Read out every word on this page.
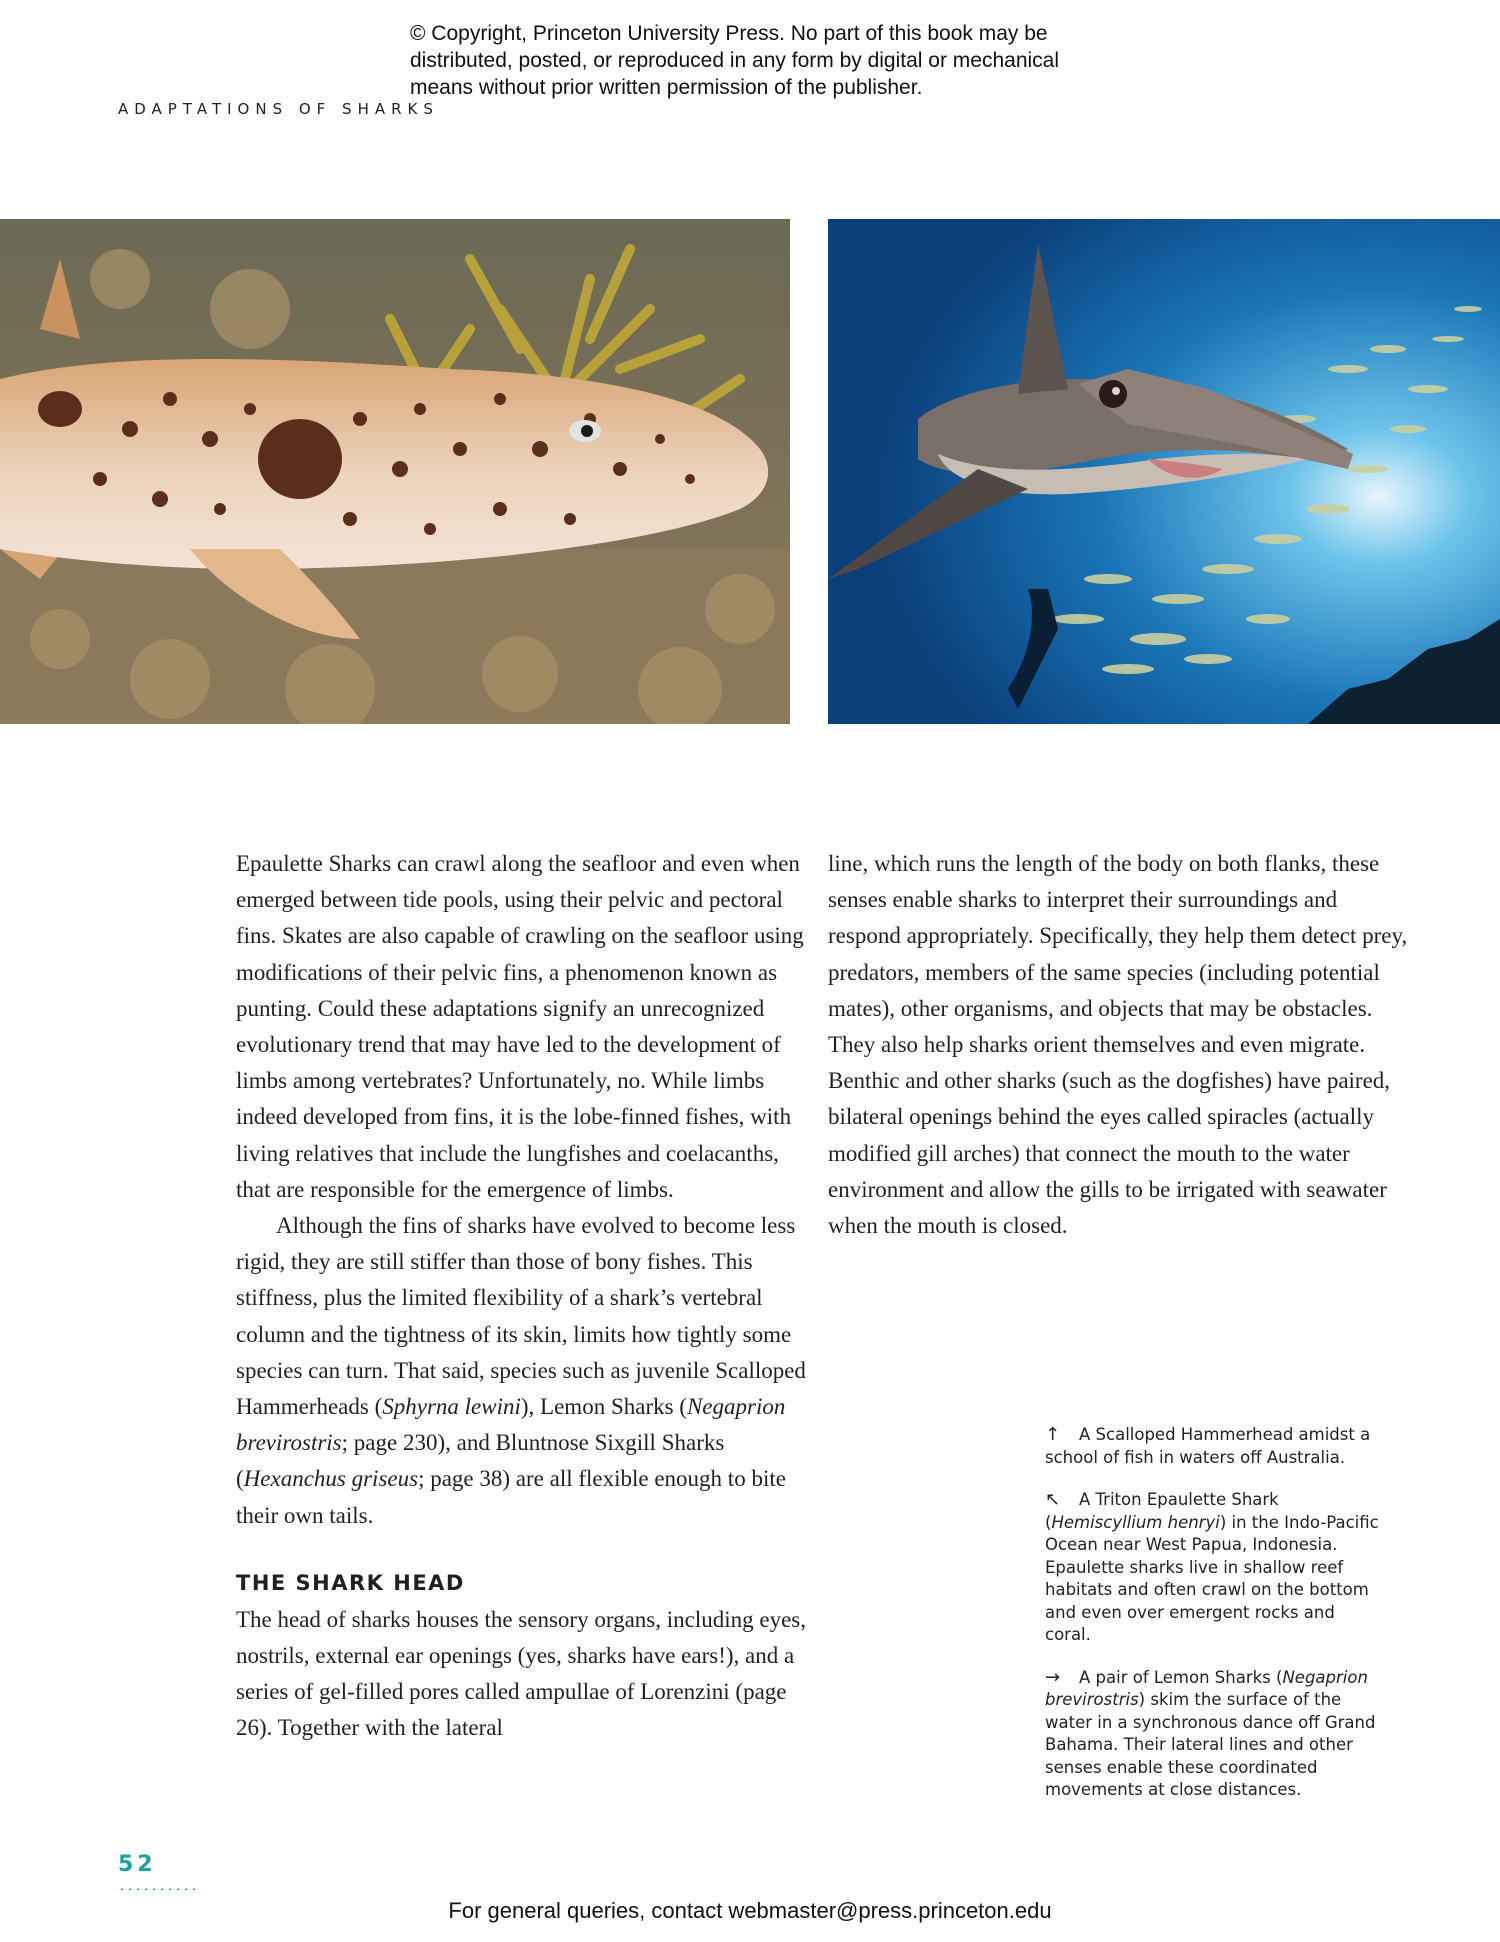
© Copyright, Princeton University Press. No part of this book may be distributed, posted, or reproduced in any form by digital or mechanical means without prior written permission of the publisher.
ADAPTATIONS OF SHARKS

Epaulette Sharks can crawl along the seafloor and even when emerged between tide pools, using their pelvic and pectoral fins. Skates are also capable of crawling on the seafloor using modifications of their pelvic fins, a phenomenon known as punting. Could these adaptations signify an unrecognized evolutionary trend that may have led to the development of limbs among vertebrates? Unfortunately, no. While limbs indeed developed from fins, it is the lobe-finned fishes, with living relatives that include the lungfishes and coelacanths, that are responsible for the emergence of limbs.

Although the fins of sharks have evolved to become less rigid, they are still stiffer than those of bony fishes. This stiffness, plus the limited flexibility of a shark’s vertebral column and the tightness of its skin, limits how tightly some species can turn. That said, species such as juvenile Scalloped Hammerheads (Sphyrna lewini), Lemon Sharks (Negaprion brevirostris; page 230), and Bluntnose Sixgill Sharks (Hexanchus griseus; page 38) are all flexible enough to bite their own tails.

THE SHARK HEAD

The head of sharks houses the sensory organs, including eyes, nostrils, external ear openings (yes, sharks have ears!), and a series of gel-filled pores called ampullae of Lorenzini (page 26). Together with the lateral

line, which runs the length of the body on both flanks, these senses enable sharks to interpret their surroundings and respond appropriately. Specifically, they help them detect prey, predators, members of the same species (including potential mates), other organisms, and objects that may be obstacles. They also help sharks orient themselves and even migrate. Benthic and other sharks (such as the dogfishes) have paired, bilateral openings behind the eyes called spiracles (actually modified gill arches) that connect the mouth to the water environment and allow the gills to be irrigated with seawater when the mouth is closed.

↑ A Scalloped Hammerhead amidst a school of fish in waters off Australia.

↖ A Triton Epaulette Shark (Hemiscyllium henryi) in the Indo-Pacific Ocean near West Papua, Indonesia. Epaulette sharks live in shallow reef habitats and often crawl on the bottom and even over emergent rocks and coral.

→ A pair of Lemon Sharks (Negaprion brevirostris) skim the surface of the water in a synchronous dance off Grand Bahama. Their lateral lines and other senses enable these coordinated movements at close distances.

52
For general queries, contact webmaster@press.princeton.edu
